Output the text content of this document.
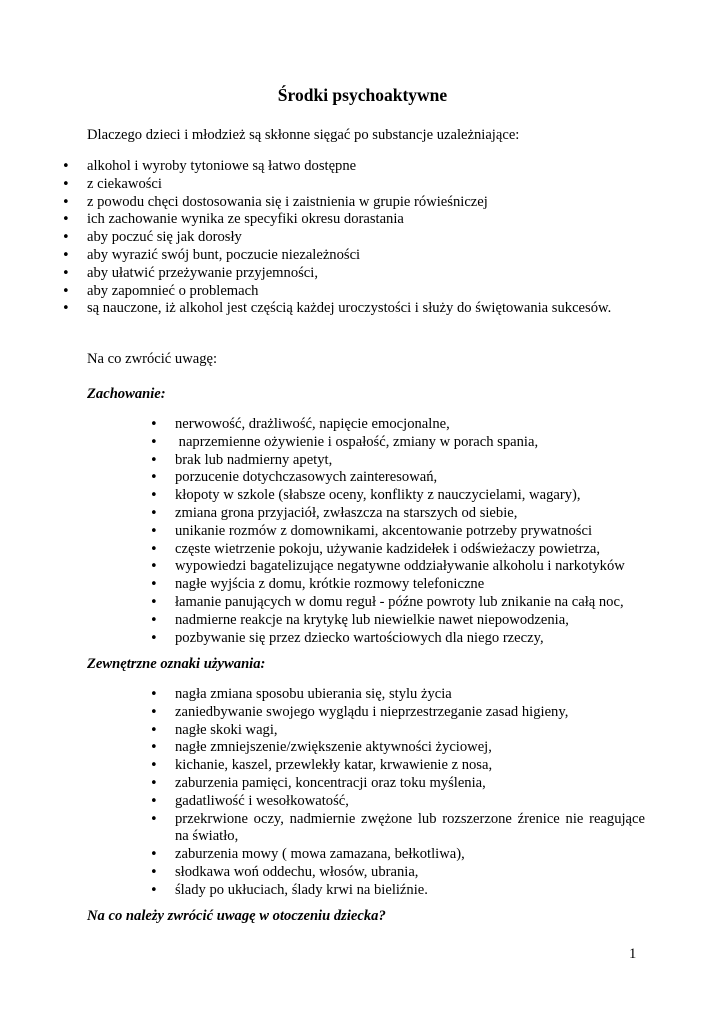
Środki psychoaktywne

Dlaczego dzieci i młodzież są skłonne sięgać po substancje uzależniające:

• alkohol i wyroby tytoniowe są łatwo dostępne
• z ciekawości
• z powodu chęci dostosowania się i zaistnienia w grupie rówieśniczej
• ich zachowanie wynika ze specyfiki okresu dorastania
• aby poczuć się jak dorosły
• aby wyrazić swój bunt, poczucie niezależności
• aby ułatwić przeżywanie przyjemności,
• aby zapomnieć o problemach
• są nauczone, iż alkohol jest częścią każdej uroczystości i służy do świętowania sukcesów.

Na co zwrócić uwagę:

Zachowanie:

• nerwowość, drażliwość, napięcie emocjonalne,
•  naprzemienne ożywienie i ospałość, zmiany w porach spania,
• brak lub nadmierny apetyt,
• porzucenie dotychczasowych zainteresowań,
• kłopoty w szkole (słabsze oceny, konflikty z nauczycielami, wagary),
• zmiana grona przyjaciół, zwłaszcza na starszych od siebie,
• unikanie rozmów z domownikami, akcentowanie potrzeby prywatności
• częste wietrzenie pokoju, używanie kadzidełek i odświeżaczy powietrza,
• wypowiedzi bagatelizujące negatywne oddziaływanie alkoholu i narkotyków
• nagłe wyjścia z domu, krótkie rozmowy telefoniczne
• łamanie panujących w domu reguł - późne powroty lub znikanie na całą noc,
• nadmierne reakcje na krytykę lub niewielkie nawet niepowodzenia,
• pozbywanie się przez dziecko wartościowych dla niego rzeczy,

Zewnętrzne oznaki używania:

• nagła zmiana sposobu ubierania się, stylu życia
• zaniedbywanie swojego wyglądu i nieprzestrzeganie zasad higieny,
• nagłe skoki wagi,
• nagłe zmniejszenie/zwiększenie aktywności życiowej,
• kichanie, kaszel, przewlekły katar, krwawienie z nosa,
• zaburzenia pamięci, koncentracji oraz toku myślenia,
• gadatliwość i wesołkowatość,
• przekrwione oczy, nadmiernie zwężone lub rozszerzone źrenice nie reagujące na światło,
• zaburzenia mowy ( mowa zamazana, bełkotliwa),
• słodkawa woń oddechu, włosów, ubrania,
• ślady po ukłuciach, ślady krwi na bieliźnie.

Na co należy zwrócić uwagę w otoczeniu dziecka?

1
